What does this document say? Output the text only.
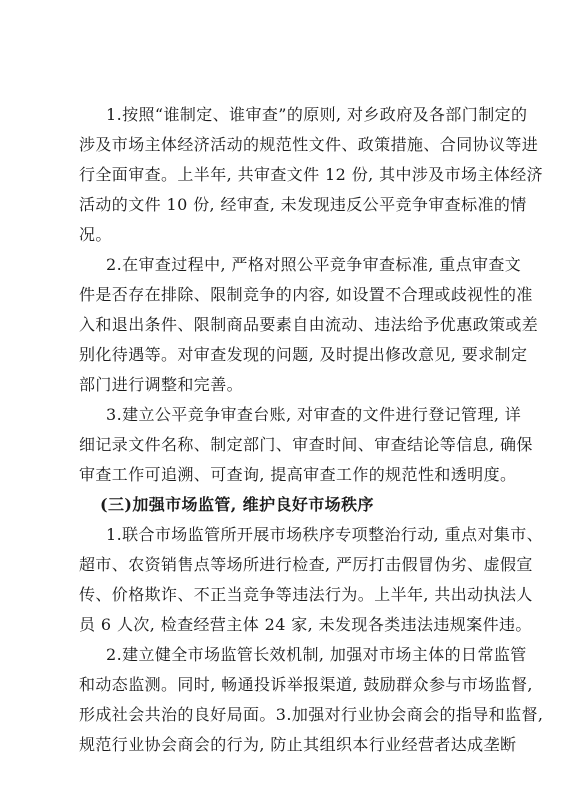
1.按照“谁制定、谁审查”的原则, 对乡政府及各部门制定的
涉及市场主体经济活动的规范性文件、政策措施、合同协议等进
行全面审查。上半年, 共审查文件 12 份, 其中涉及市场主体经济
活动的文件 10 份, 经审查, 未发现违反公平竞争审查标准的情
况。
2.在审查过程中, 严格对照公平竞争审查标准, 重点审查文
件是否存在排除、限制竞争的内容, 如设置不合理或歧视性的准
入和退出条件、限制商品要素自由流动、违法给予优惠政策或差
别化待遇等。对审查发现的问题, 及时提出修改意见, 要求制定
部门进行调整和完善。
3.建立公平竞争审查台账, 对审查的文件进行登记管理, 详
细记录文件名称、制定部门、审查时间、审查结论等信息, 确保
审查工作可追溯、可查询, 提高审查工作的规范性和透明度。
(三)加强市场监管, 维护良好市场秩序
1.联合市场监管所开展市场秩序专项整治行动, 重点对集市、
超市、农资销售点等场所进行检查, 严厉打击假冒伪劣、虚假宣
传、价格欺诈、不正当竞争等违法行为。上半年, 共出动执法人
员 6 人次, 检查经营主体 24 家, 未发现各类违法违规案件违。
2.建立健全市场监管长效机制, 加强对市场主体的日常监管
和动态监测。同时, 畅通投诉举报渠道, 鼓励群众参与市场监督,
形成社会共治的良好局面。3.加强对行业协会商会的指导和监督,
规范行业协会商会的行为, 防止其组织本行业经营者达成垄断
